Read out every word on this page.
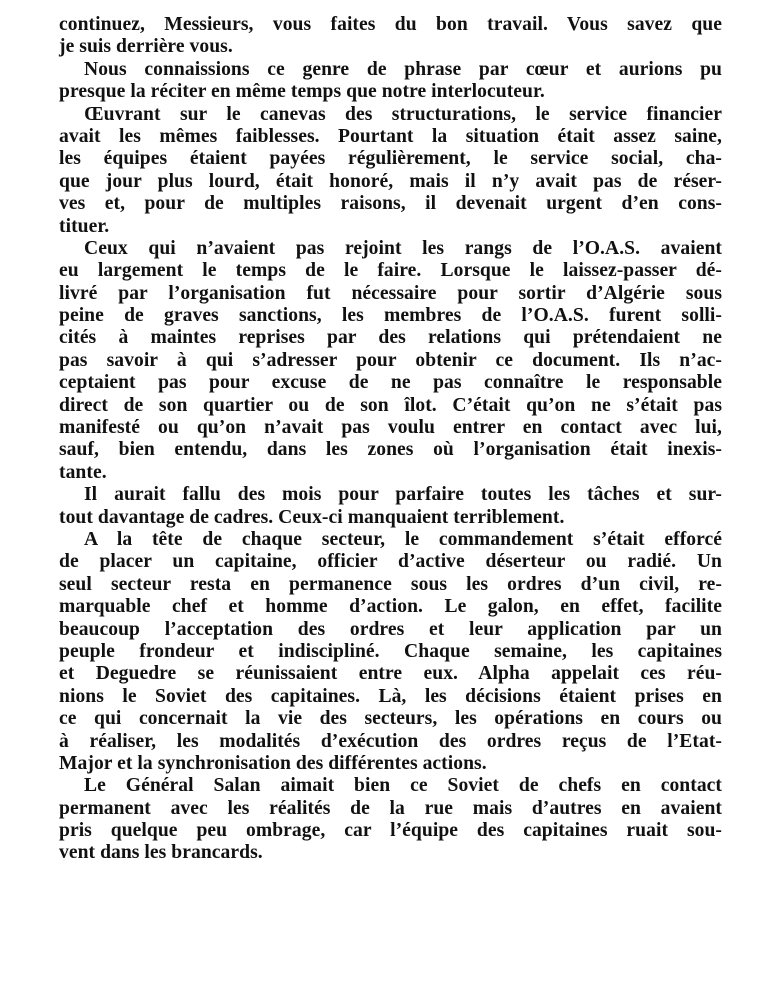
continuez, Messieurs, vous faites du bon travail. Vous savez que
je suis derrière vous.
Nous connaissions ce genre de phrase par cœur et aurions pu
presque la réciter en même temps que notre interlocuteur.
Œuvrant sur le canevas des structurations, le service financier
avait les mêmes faiblesses. Pourtant la situation était assez saine,
les équipes étaient payées régulièrement, le service social, cha-
que jour plus lourd, était honoré, mais il n’y avait pas de réser-
ves et, pour de multiples raisons, il devenait urgent d’en cons-
tituer.
Ceux qui n’avaient pas rejoint les rangs de l’O.A.S. avaient
eu largement le temps de le faire. Lorsque le laissez-passer dé-
livré par l’organisation fut nécessaire pour sortir d’Algérie sous
peine de graves sanctions, les membres de l’O.A.S. furent solli-
cités à maintes reprises par des relations qui prétendaient ne
pas savoir à qui s’adresser pour obtenir ce document. Ils n’ac-
ceptaient pas pour excuse de ne pas connaître le responsable
direct de son quartier ou de son îlot. C’était qu’on ne s’était pas
manifesté ou qu’on n’avait pas voulu entrer en contact avec lui,
sauf, bien entendu, dans les zones où l’organisation était inexis-
tante.
Il aurait fallu des mois pour parfaire toutes les tâches et sur-
tout davantage de cadres. Ceux-ci manquaient terriblement.
A la tête de chaque secteur, le commandement s’était efforcé
de placer un capitaine, officier d’active déserteur ou radié. Un
seul secteur resta en permanence sous les ordres d’un civil, re-
marquable chef et homme d’action. Le galon, en effet, facilite
beaucoup l’acceptation des ordres et leur application par un
peuple frondeur et indiscipliné. Chaque semaine, les capitaines
et Deguedre se réunissaient entre eux. Alpha appelait ces réu-
nions le Soviet des capitaines. Là, les décisions étaient prises en
ce qui concernait la vie des secteurs, les opérations en cours ou
à réaliser, les modalités d’exécution des ordres reçus de l’Etat-
Major et la synchronisation des différentes actions.
Le Général Salan aimait bien ce Soviet de chefs en contact
permanent avec les réalités de la rue mais d’autres en avaient
pris quelque peu ombrage, car l’équipe des capitaines ruait sou-
vent dans les brancards.
